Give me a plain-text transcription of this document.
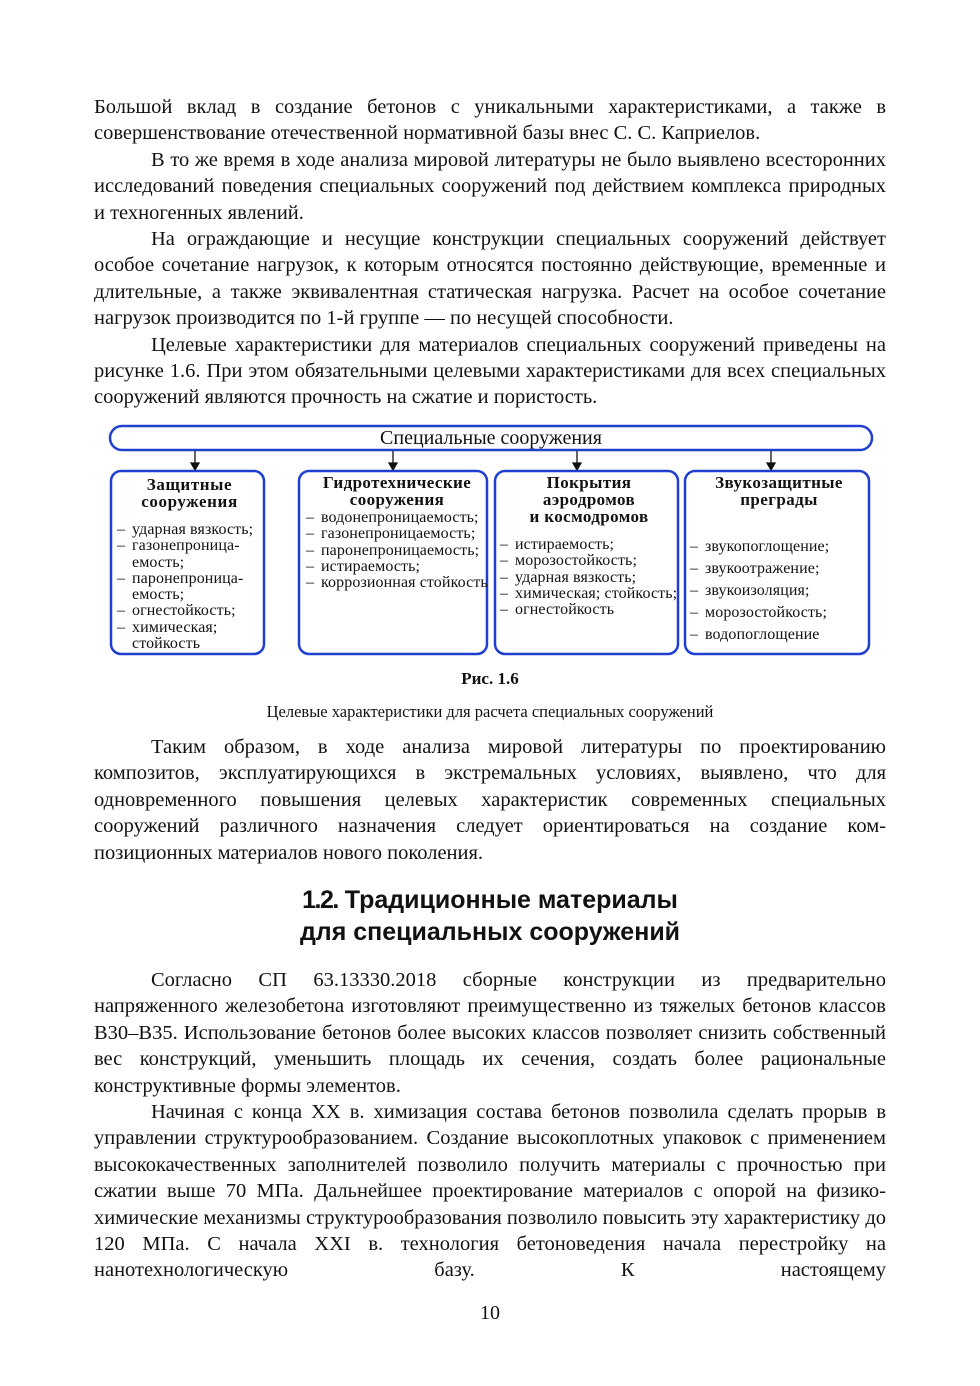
Большой вклад в создание бетонов с уникальными характеристиками, а также в совершенствование отечественной нормативной базы внес С. С. Каприелов.

В то же время в ходе анализа мировой литературы не было выявлено всесторонних исследований поведения специальных сооружений под действием комплекса природных и техногенных явлений.

На ограждающие и несущие конструкции специальных сооружений действует особое сочетание нагрузок, к которым относятся постоянно действующие, временные и длительные, а также эквивалентная статическая нагрузка. Расчет на особое сочетание нагрузок производится по 1-й группе — по несущей способности.

Целевые характеристики для материалов специальных сооружений приведены на рисунке 1.6. При этом обязательными целевыми характеристиками для всех специальных сооружений являются прочность на сжатие и пористость.

Специальные сооружения
Защитные
сооружения
– ударная вязкость;
– газонепроницаемость;
– паронепроницаемость;
– огнестойкость;
– химическая; стойкость
Гидротехнические
сооружения
– водонепроницаемость;
– газонепроницаемость;
– паронепроницаемость;
– истираемость;
– коррозионная стойкость
Покрытия
аэродромов
и космодромов
– истираемость;
– морозостойкость;
– ударная вязкость;
– химическая; стойкость;
– огнестойкость
Звукозащитные
преграды
– звукопоглощение;
– звукоотражение;
– звукоизоляция;
– морозостойкость;
– водопоглощение
Рис. 1.6
Целевые характеристики для расчета специальных сооружений

Таким образом, в ходе анализа мировой литературы по проектированию композитов, эксплуатирующихся в экстремальных условиях, выявлено, что для одновременного повышения целевых характеристик современных специальных сооружений различного назначения следует ориентироваться на создание композиционных материалов нового поколения.

1.2. Традиционные материалы
для специальных сооружений

Согласно СП 63.13330.2018 сборные конструкции из предварительно напряженного железобетона изготовляют преимущественно из тяжелых бетонов классов В30–В35. Использование бетонов более высоких классов позволяет снизить собственный вес конструкций, уменьшить площадь их сечения, создать более рациональные конструктивные формы элементов.

Начиная с конца XX в. химизация состава бетонов позволила сделать прорыв в управлении структурообразованием. Создание высокоплотных упаковок с применением высококачественных заполнителей позволило получить материалы с прочностью при сжатии выше 70 МПа. Дальнейшее проектирование материалов с опорой на физико-химические механизмы структурообразования позволило повысить эту характеристику до 120 МПа. С начала XXI в. технология бетоноведения начала перестройку на нанотехнологическую базу. К настоящему

10
